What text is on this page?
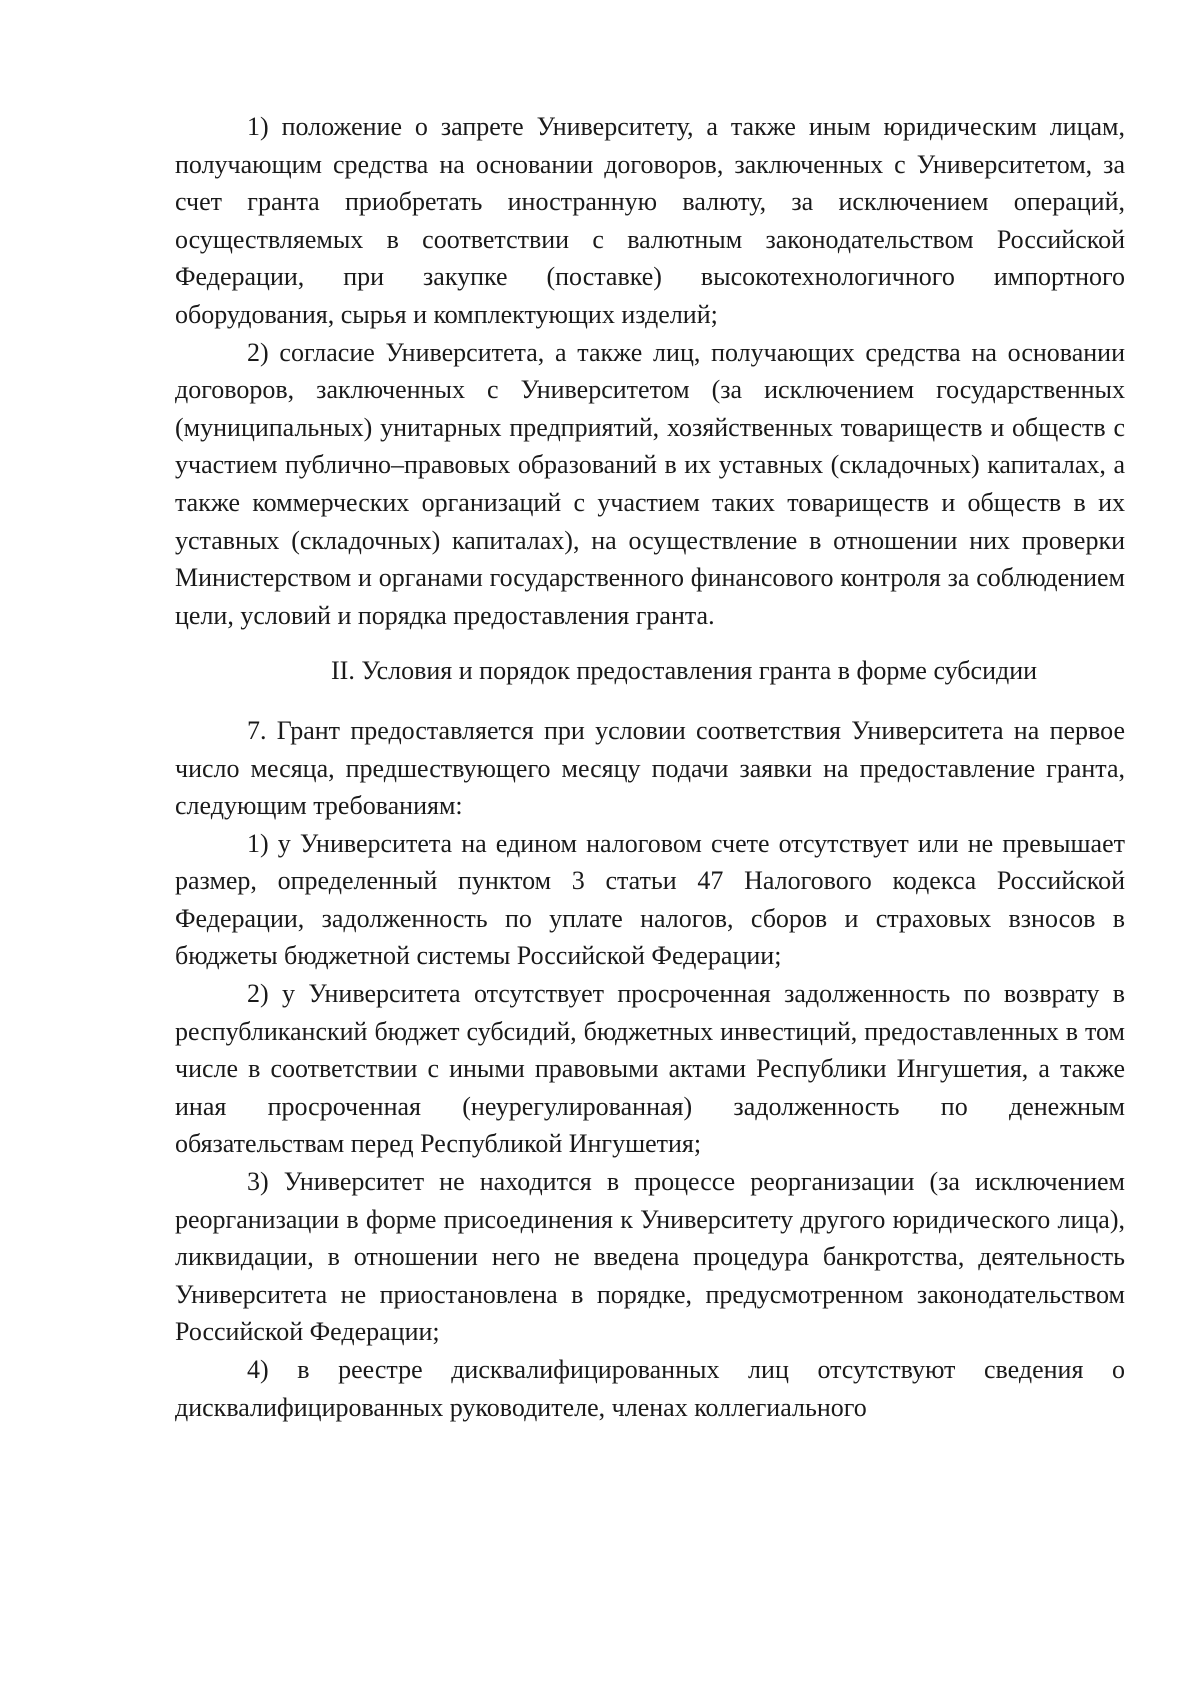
1) положение о запрете Университету, а также иным юридическим лицам, получающим средства на основании договоров, заключенных с Университетом, за счет гранта приобретать иностранную валюту, за исключением операций, осуществляемых в соответствии с валютным законодательством Российской Федерации, при закупке (поставке) высокотехнологичного импортного оборудования, сырья и комплектующих изделий;

2) согласие Университета, а также лиц, получающих средства на основании договоров, заключенных с Университетом (за исключением государственных (муниципальных) унитарных предприятий, хозяйственных товариществ и обществ с участием публично–правовых образований в их уставных (складочных) капиталах, а также коммерческих организаций с участием таких товариществ и обществ в их уставных (складочных) капиталах), на осуществление в отношении них проверки Министерством и органами государственного финансового контроля за соблюдением цели, условий и порядка предоставления гранта.

II. Условия и порядок предоставления гранта в форме субсидии

7. Грант предоставляется при условии соответствия Университета на первое число месяца, предшествующего месяцу подачи заявки на предоставление гранта, следующим требованиям:

1) у Университета на едином налоговом счете отсутствует или не превышает размер, определенный пунктом 3 статьи 47 Налогового кодекса Российской Федерации, задолженность по уплате налогов, сборов и страховых взносов в бюджеты бюджетной системы Российской Федерации;

2) у Университета отсутствует просроченная задолженность по возврату в республиканский бюджет субсидий, бюджетных инвестиций, предоставленных в том числе в соответствии с иными правовыми актами Республики Ингушетия, а также иная просроченная (неурегулированная) задолженность по денежным обязательствам перед Республикой Ингушетия;

3) Университет не находится в процессе реорганизации (за исключением реорганизации в форме присоединения к Университету другого юридического лица), ликвидации, в отношении него не введена процедура банкротства, деятельность Университета не приостановлена в порядке, предусмотренном законодательством Российской Федерации;

4) в реестре дисквалифицированных лиц отсутствуют сведения о дисквалифицированных руководителе, членах коллегиального
